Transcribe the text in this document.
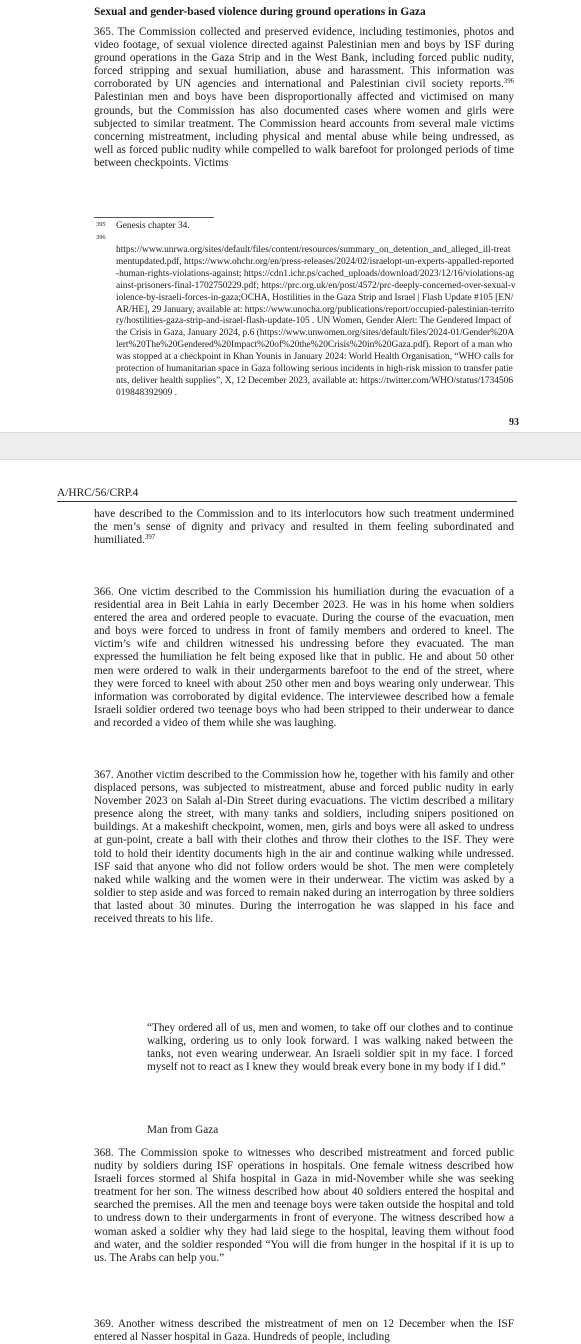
Sexual and gender-based violence during ground operations in Gaza
365. The Commission collected and preserved evidence, including testimonies, photos and video footage, of sexual violence directed against Palestinian men and boys by ISF during ground operations in the Gaza Strip and in the West Bank, including forced public nudity, forced stripping and sexual humiliation, abuse and harassment. This information was corroborated by UN agencies and international and Palestinian civil society reports.$^{396}$ Palestinian men and boys have been disproportionally affected and victimised on many grounds, but the Commission has also documented cases where women and girls were subjected to similar treatment. The Commission heard accounts from several male victims concerning mistreatment, including physical and mental abuse while being undressed, as well as forced public nudity while compelled to walk barefoot for prolonged periods of time between checkpoints. Victims
395 Genesis chapter 34.
396
https://www.unrwa.org/sites/default/files/content/resources/summary_on_detention_and_alleged_ill-treatmentupdated.pdf, https://www.ohchr.org/en/press-releases/2024/02/israelopt-un-experts-appalled-reported-human-rights-violations-against; https://cdn1.ichr.ps/cached_uploads/download/2023/12/16/violations-against-prisoners-final-1702750229.pdf; https://prc.org.uk/en/post/4572/prc-deeply-concerned-over-sexual-violence-by-israeli-forces-in-gaza;OCHA, Hostilities in the Gaza Strip and Israel | Flash Update #105 [EN/AR/HE], 29 January, available at: https://www.unocha.org/publications/report/occupied-palestinian-territory/hostilities-gaza-strip-and-israel-flash-update-105 . UN Women, Gender Alert: The Gendered Impact of the Crisis in Gaza, January 2024, p.6 (https://www.unwomen.org/sites/default/files/2024-01/Gender%20Alert%20The%20Gendered%20Impact%20of%20the%20Crisis%20in%20Gaza.pdf). Report of a man who was stopped at a checkpoint in Khan Younis in January 2024: World Health Organisation, “WHO calls for protection of humanitarian space in Gaza following serious incidents in high-risk mission to transfer patients, deliver health supplies”, X, 12 December 2023, available at: https://twitter.com/WHO/status/1734506019848392909 .
93
A/HRC/56/CRP.4
have described to the Commission and to its interlocutors how such treatment undermined the men’s sense of dignity and privacy and resulted in them feeling subordinated and humiliated.$^{397}$
366. One victim described to the Commission his humiliation during the evacuation of a residential area in Beit Lahia in early December 2023. He was in his home when soldiers entered the area and ordered people to evacuate. During the course of the evacuation, men and boys were forced to undress in front of family members and ordered to kneel. The victim’s wife and children witnessed his undressing before they evacuated. The man expressed the humiliation he felt being exposed like that in public. He and about 50 other men were ordered to walk in their undergarments barefoot to the end of the street, where they were forced to kneel with about 250 other men and boys wearing only underwear. This information was corroborated by digital evidence. The interviewee described how a female Israeli soldier ordered two teenage boys who had been stripped to their underwear to dance and recorded a video of them while she was laughing.
367. Another victim described to the Commission how he, together with his family and other displaced persons, was subjected to mistreatment, abuse and forced public nudity in early November 2023 on Salah al-Din Street during evacuations. The victim described a military presence along the street, with many tanks and soldiers, including snipers positioned on buildings. At a makeshift checkpoint, women, men, girls and boys were all asked to undress at gun-point, create a ball with their clothes and throw their clothes to the ISF. They were told to hold their identity documents high in the air and continue walking while undressed. ISF said that anyone who did not follow orders would be shot. The men were completely naked while walking and the women were in their underwear. The victim was asked by a soldier to step aside and was forced to remain naked during an interrogation by three soldiers that lasted about 30 minutes. During the interrogation he was slapped in his face and received threats to his life.
“They ordered all of us, men and women, to take off our clothes and to continue walking, ordering us to only look forward. I was walking naked between the tanks, not even wearing underwear. An Israeli soldier spit in my face. I forced myself not to react as I knew they would break every bone in my body if I did.”
Man from Gaza
368. The Commission spoke to witnesses who described mistreatment and forced public nudity by soldiers during ISF operations in hospitals. One female witness described how Israeli forces stormed al Shifa hospital in Gaza in mid-November while she was seeking treatment for her son. The witness described how about 40 soldiers entered the hospital and searched the premises. All the men and teenage boys were taken outside the hospital and told to undress down to their undergarments in front of everyone. The witness described how a woman asked a soldier why they had laid siege to the hospital, leaving them without food and water, and the soldier responded “You will die from hunger in the hospital if it is up to us. The Arabs can help you.”
369. Another witness described the mistreatment of men on 12 December when the ISF entered al Nasser hospital in Gaza. Hundreds of people, including
